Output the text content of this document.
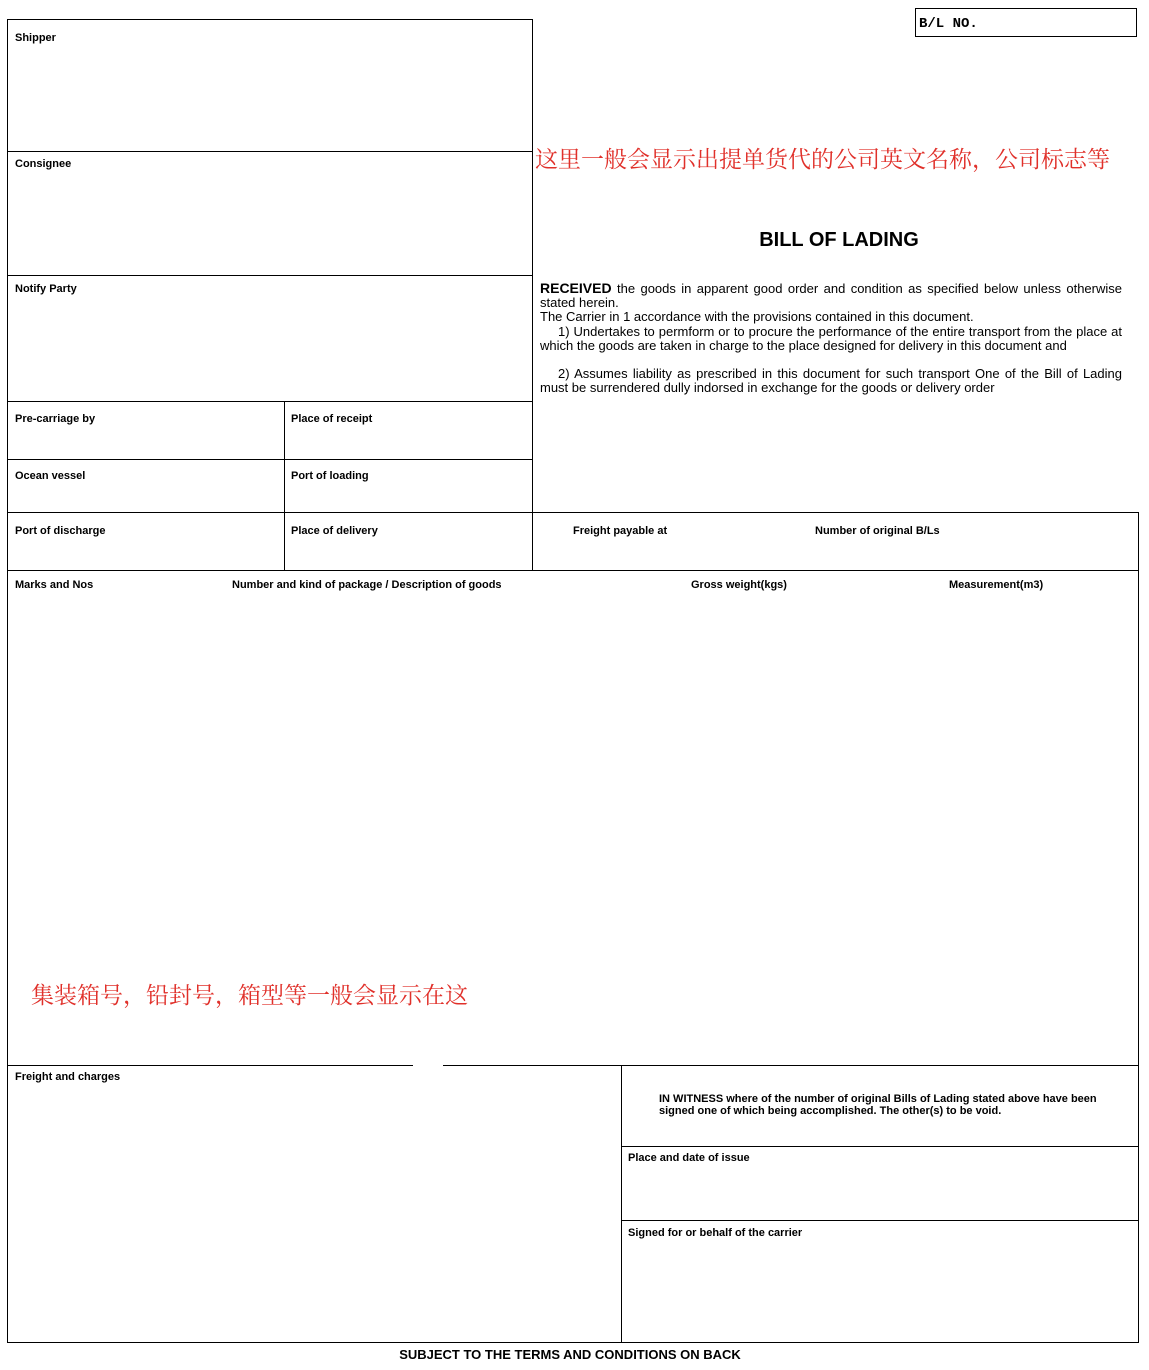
B/L NO.
Shipper
Consignee
Notify Party
这里一般会显示出提单货代的公司英文名称，公司标志等
BILL OF LADING

RECEIVED the goods in apparent good order and condition as specified below unless otherwise stated herein.

The Carrier in 1 accordance with the provisions contained in this document.

1) Undertakes to permform or to procure the performance of the entire transport from the place at which the goods are taken in charge to the place designed for delivery in this document and

2) Assumes liability as prescribed in this document for such transport One of the Bill of Lading must be surrendered dully indorsed in exchange for the goods or delivery order

Pre-carriage by	Place of receipt
Ocean vessel	Port of loading
Port of discharge	Place of delivery	Freight payable at	Number of original B/Ls
Marks and Nos	Number and kind of package / Description of goods	Gross weight(kgs)	Measurement(m3)
集装箱号，铅封号，箱型等一般会显示在这
Freight and charges
IN WITNESS where of the number of original Bills of Lading stated above have been signed one of which being accomplished. The other(s) to be void.
Place and date of issue
Signed for or behalf of the carrier
SUBJECT TO THE TERMS AND CONDITIONS ON BACK
